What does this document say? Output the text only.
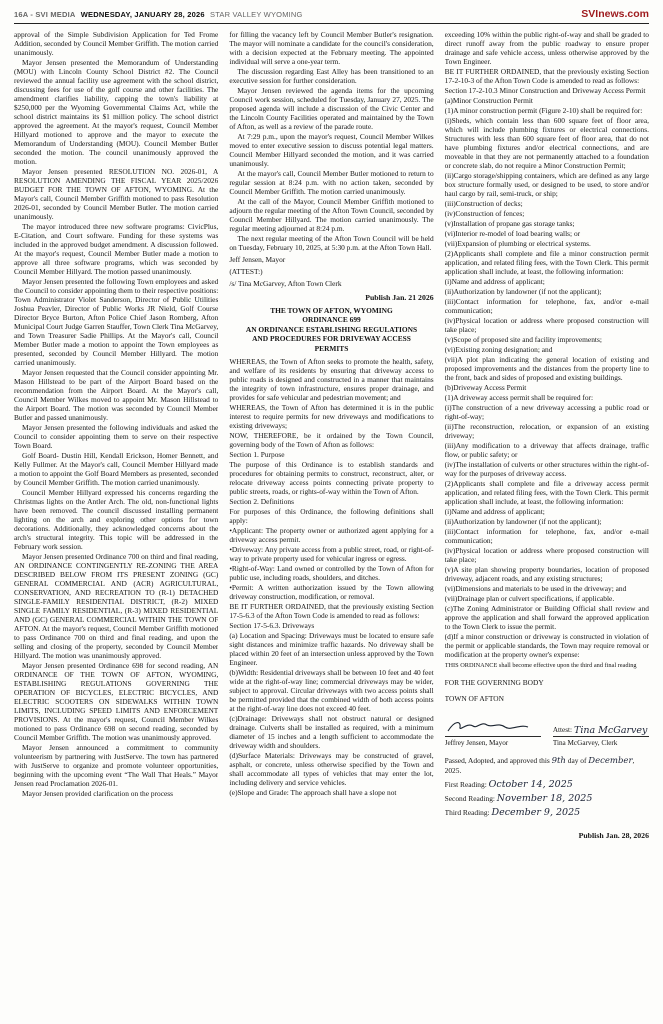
16A - SVI MEDIA WEDNESDAY, JANUARY 28, 2026 STAR VALLEY WYOMING	SVInews.com
approval of the Simple Subdivision Application for Ted Frome Addition, seconded by Council Member Griffith. The motion carried unanimously.
Mayor Jensen presented the Memorandum of Understanding (MOU) with Lincoln County School District #2. The Council reviewed the annual facility use agreement with the school district, discussing fees for use of the golf course and other facilities. The amendment clarifies liability, capping the town's liability at $250,000 per the Wyoming Governmental Claims Act, while the school district maintains its $1 million policy. The school district approved the agreement. At the mayor's request, Council Member Hillyard motioned to approve and the mayor to execute the Memorandum of Understanding (MOU). Council Member Butler seconded the motion. The council unanimously approved the motion.
Mayor Jensen presented RESOLUTION NO. 2026-01, A RESOLUTION AMENDING THE FISCAL YEAR 2025/2026 BUDGET FOR THE TOWN OF AFTON, WYOMING. At the Mayor's call, Council Member Griffith motioned to pass Resolution 2026-01, seconded by Council Member Butler. The motion carried unanimously.
The mayor introduced three new software programs: CivicPlus, E-Citation, and Court software. Funding for these systems was included in the approved budget amendment. A discussion followed. At the mayor's request, Council Member Butler made a motion to approve all three software programs, which was seconded by Council Member Hillyard. The motion passed unanimously.
Mayor Jensen presented the following Town employees and asked the Council to consider appointing them to their respective positions: Town Administrator Violet Sanderson, Director of Public Utilities Joshua Peavler, Director of Public Works JR Nield, Golf Course Director Bryce Burton, Afton Police Chief Jason Romberg, Afton Municipal Court Judge Garren Stauffer, Town Clerk Tina McGarvey, and Town Treasurer Sadie Phillips. At the Mayor's call, Council Member Butler made a motion to appoint the Town employees as presented, seconded by Council Member Hillyard. The motion carried unanimously.
Mayor Jensen requested that the Council consider appointing Mr. Mason Hillstead to be part of the Airport Board based on the recommendation from the Airport Board. At the Mayor's call, Council Member Wilkes moved to appoint Mr. Mason Hillstead to the Airport Board. The motion was seconded by Council Member Butler and passed unanimously.
Mayor Jensen presented the following individuals and asked the Council to consider appointing them to serve on their respective Town Board.
Golf Board- Dustin Hill, Kendall Erickson, Homer Bennett, and Kelly Fullmer. At the Mayor's call, Council Member Hillyard made a motion to appoint the Golf Board Members as presented, seconded by Council Member Griffith. The motion carried unanimously.
Council Member Hillyard expressed his concerns regarding the Christmas lights on the Antler Arch. The old, non-functional lights have been removed. The council discussed installing permanent lighting on the arch and exploring other options for town decorations. Additionally, they acknowledged concerns about the arch's structural integrity. This topic will be addressed in the February work session.
Mayor Jensen presented Ordinance 700 on third and final reading, AN ORDINANCE CONTINGENTLY RE-ZONING THE AREA DESCRIBED BELOW FROM ITS PRESENT ZONING (GC) GENERAL COMMERCIAL AND (ACR) AGRICULTURAL, CONSERVATION, AND RECREATION TO (R-1) DETACHED SINGLE-FAMILY RESIDENTIAL DISTRICT, (R-2) MIXED SINGLE FAMILY RESIDENTIAL, (R-3) MIXED RESIDENTIAL AND (GC) GENERAL COMMERCIAL WITHIN THE TOWN OF AFTON. At the mayor's request, Council Member Griffith motioned to pass Ordinance 700 on third and final reading, and upon the selling and closing of the property, seconded by Council Member Hillyard. The motion was unanimously approved.
Mayor Jensen presented Ordinance 698 for second reading, AN ORDINANCE OF THE TOWN OF AFTON, WYOMING, ESTABLISHING REGULATIONS GOVERNING THE OPERATION OF BICYCLES, ELECTRIC BICYCLES, AND ELECTRIC SCOOTERS ON SIDEWALKS WITHIN TOWN LIMITS, INCLUDING SPEED LIMITS AND ENFORCEMENT PROVISIONS. At the mayor's request, Council Member Wilkes motioned to pass Ordinance 698 on second reading, seconded by Council Member Griffith. The motion was unanimously approved.
Mayor Jensen announced a commitment to community volunteerism by partnering with JustServe. The town has partnered with JustServe to organize and promote volunteer opportunities, beginning with the upcoming event “The Wall That Heals.” Mayor Jensen read Proclamation 2026-01.
Mayor Jensen provided clarification on the process
for filling the vacancy left by Council Member Butler's resignation. The mayor will nominate a candidate for the council's consideration, with a decision expected at the February meeting. The appointed individual will serve a one-year term.
The discussion regarding East Alley has been transitioned to an executive session for further consideration.
Mayor Jensen reviewed the agenda items for the upcoming Council work session, scheduled for Tuesday, January 27, 2025. The proposed agenda will include a discussion of the Civic Center and the Lincoln County Facilities operated and maintained by the Town of Afton, as well as a review of the parade route.
At 7:29 p.m., upon the mayor's request, Council Member Wilkes moved to enter executive session to discuss potential legal matters. Council Member Hillyard seconded the motion, and it was carried unanimously.
At the mayor's call, Council Member Butler motioned to return to regular session at 8:24 p.m. with no action taken, seconded by Council Member Griffith. The motion carried unanimously.
At the call of the Mayor, Council Member Griffith motioned to adjourn the regular meeting of the Afton Town Council, seconded by Council Member Hillyard. The motion carried unanimously. The regular meeting adjourned at 8:24 p.m.
The next regular meeting of the Afton Town Council will be held on Tuesday, February 10, 2025, at 5:30 p.m. at the Afton Town Hall.
Jeff Jensen, Mayor
(ATTEST:)
/s/ Tina McGarvey, Afton Town Clerk
Publish Jan. 21 2026
THE TOWN OF AFTON, WYOMING
ORDINANCE 699
AN ORDINANCE ESTABLISHING REGULATIONS
AND PROCEDURES FOR DRIVEWAY ACCESS
PERMITS
WHEREAS, the Town of Afton seeks to promote the health, safety, and welfare of its residents by ensuring that driveway access to public roads is designed and constructed in a manner that maintains the integrity of town infrastructure, ensures proper drainage, and provides for safe vehicular and pedestrian movement; and
WHEREAS, the Town of Afton has determined it is in the public interest to require permits for new driveways and modifications to existing driveways;
NOW, THEREFORE, be it ordained by the Town Council, governing body of the Town of Afton as follows:
Section 1. Purpose
The purpose of this Ordinance is to establish standards and procedures for obtaining permits to construct, reconstruct, alter, or relocate driveway access points connecting private property to public streets, roads, or rights-of-way within the Town of Afton.
Section 2. Definitions
For purposes of this Ordinance, the following definitions shall apply:
•Applicant: The property owner or authorized agent applying for a driveway access permit.
•Driveway: Any private access from a public street, road, or right-of-way to private property used for vehicular ingress or egress.
•Right-of-Way: Land owned or controlled by the Town of Afton for public use, including roads, shoulders, and ditches.
•Permit: A written authorization issued by the Town allowing driveway construction, modification, or removal.
BE IT FURTHER ORDAINED, that the previously existing Section 17-5-6.3 of the Afton Town Code is amended to read as follows:
Section 17-5-6.3. Driveways
(a) Location and Spacing: Driveways must be located to ensure safe sight distances and minimize traffic hazards. No driveway shall be placed within 20 feet of an intersection unless approved by the Town Engineer.
(b)Width: Residential driveways shall be between 10 feet and 40 feet wide at the right-of-way line; commercial driveways may be wider, subject to approval. Circular driveways with two access points shall be permitted provided that the combined width of both access points at the right-of-way line does not exceed 40 feet.
(c)Drainage: Driveways shall not obstruct natural or designed drainage. Culverts shall be installed as required, with a minimum diameter of 15 inches and a length sufficient to accommodate the driveway width and shoulders.
(d)Surface Materials: Driveways may be constructed of gravel, asphalt, or concrete, unless otherwise specified by the Town and shall accommodate all types of vehicles that may enter the lot, including delivery and service vehicles.
(e)Slope and Grade: The approach shall have a slope not
exceeding 10% within the public right-of-way and shall be graded to direct runoff away from the public roadway to ensure proper drainage and safe vehicle access, unless otherwise approved by the Town Engineer.
BE IT FURTHER ORDAINED, that the previously existing Section 17-2-10-3 of the Afton Town Code is amended to read as follows:
Section 17-2-10.3 Minor Construction and Driveway Access Permit
(a)Minor Construction Permit
(1)A minor construction permit (Figure 2-10) shall be required for:
(i)Sheds, which contain less than 600 square feet of floor area, which will include plumbing fixtures or electrical connections. Structures with less than 600 square feet of floor area, that do not have plumbing fixtures and/or electrical connections, and are moveable in that they are not permanently attached to a foundation or concrete slab, do not require a Minor Construction Permit;
(ii)Cargo storage/shipping containers, which are defined as any large box structure formally used, or designed to be used, to store and/or haul cargo by rail, semi-truck, or ship;
(iii)Construction of decks;
(iv)Construction of fences;
(v)Installation of propane gas storage tanks;
(vi)Interior re-model of load bearing walls; or
(vii)Expansion of plumbing or electrical systems.
(2)Applicants shall complete and file a minor construction permit application, and related filing fees, with the Town Clerk. This permit application shall include, at least, the following information:
(i)Name and address of applicant;
(ii)Authorization by landowner (if not the applicant);
(iii)Contact information for telephone, fax, and/or e-mail communication;
(iv)Physical location or address where proposed construction will take place;
(v)Scope of proposed site and facility improvements;
(vi)Existing zoning designation; and
(vii)A plot plan indicating the general location of existing and proposed improvements and the distances from the property line to the front, back and sides of proposed and existing buildings.
(b)Driveway Access Permit
(1)A driveway access permit shall be required for:
(i)The construction of a new driveway accessing a public road or right-of-way;
(ii)The reconstruction, relocation, or expansion of an existing driveway;
(iii)Any modification to a driveway that affects drainage, traffic flow, or public safety; or
(iv)The installation of culverts or other structures within the right-of-way for the purposes of driveway access.
(2)Applicants shall complete and file a driveway access permit application, and related filing fees, with the Town Clerk. This permit application shall include, at least, the following information:
(i)Name and address of applicant;
(ii)Authorization by landowner (if not the applicant);
(iii)Contact information for telephone, fax, and/or e-mail communication;
(iv)Physical location or address where proposed construction will take place;
(v)A site plan showing property boundaries, location of proposed driveway, adjacent roads, and any existing structures;
(vi)Dimensions and materials to be used in the driveway; and
(vii)Drainage plan or culvert specifications, if applicable.
(c)The Zoning Administrator or Building Official shall review and approve the application and shall forward the approved application to the Town Clerk to issue the permit.
(d)If a minor construction or driveway is constructed in violation of the permit or applicable standards, the Town may require removal or modification at the property owner's expense:
THIS ORDINANCE shall become effective upon the third and final reading
FOR THE GOVERNING BODY
TOWN OF AFTON
Jeffrey Jensen, Mayor
Attest: Tina McGarvey
Tina McGarvey, Clerk
Passed, Adopted, and approved this 9th day of December, 2025.
First Reading: October 14, 2025
Second Reading: November 18, 2025
Third Reading: December 9, 2025
Publish Jan. 28, 2026
